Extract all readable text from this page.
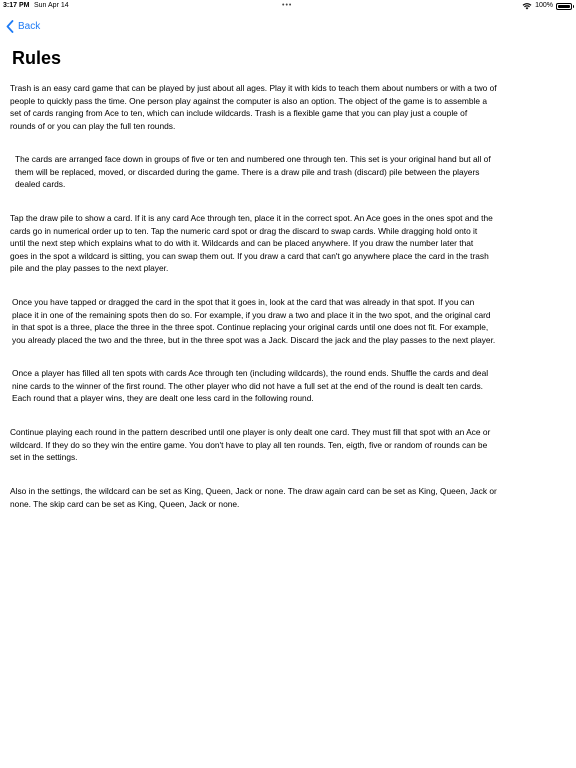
3:17 PM Sun Apr 14	•••	100%
Back
Rules

Trash is an easy card game that can be played by just about all ages. Play it with kids to teach them about numbers or with a two of
people to quickly pass the time. One person play against the computer is also an option. The object of the game is to assemble a
set of cards ranging from Ace to ten, which can include wildcards. Trash is a flexible game that you can play just a couple of
rounds of or you can play the full ten rounds.

The cards are arranged face down in groups of five or ten and numbered one through ten. This set is your original hand but all of
them will be replaced, moved, or discarded during the game. There is a draw pile and trash (discard) pile between the players
dealed cards.

Tap the draw pile to show a card. If it is any card Ace through ten, place it in the correct spot. An Ace goes in the ones spot and the
cards go in numerical order up to ten. Tap the numeric card spot or drag the discard to swap cards. While dragging hold onto it
until the next step which explains what to do with it. Wildcards and can be placed anywhere. If you draw the number later that
goes in the spot a wildcard is sitting, you can swap them out. If you draw a card that can't go anywhere place the card in the trash
pile and the play passes to the next player.

Once you have tapped or dragged the card in the spot that it goes in, look at the card that was already in that spot. If you can
place it in one of the remaining spots then do so. For example, if you draw a two and place it in the two spot, and the original card
in that spot is a three, place the three in the three spot. Continue replacing your original cards until one does not fit. For example,
you already placed the two and the three, but in the three spot was a Jack. Discard the jack and the play passes to the next player.

Once a player has filled all ten spots with cards Ace through ten (including wildcards), the round ends. Shuffle the cards and deal
nine cards to the winner of the first round. The other player who did not have a full set at the end of the round is dealt ten cards.
Each round that a player wins, they are dealt one less card in the following round.

Continue playing each round in the pattern described until one player is only dealt one card. They must fill that spot with an Ace or
wildcard. If they do so they win the entire game. You don't have to play all ten rounds. Ten, eigth, five or random of rounds can be
set in the settings.

Also in the settings, the wildcard can be set as King, Queen, Jack or none. The draw again card can be set as King, Queen, Jack or
none. The skip card can be set as King, Queen, Jack or none.
